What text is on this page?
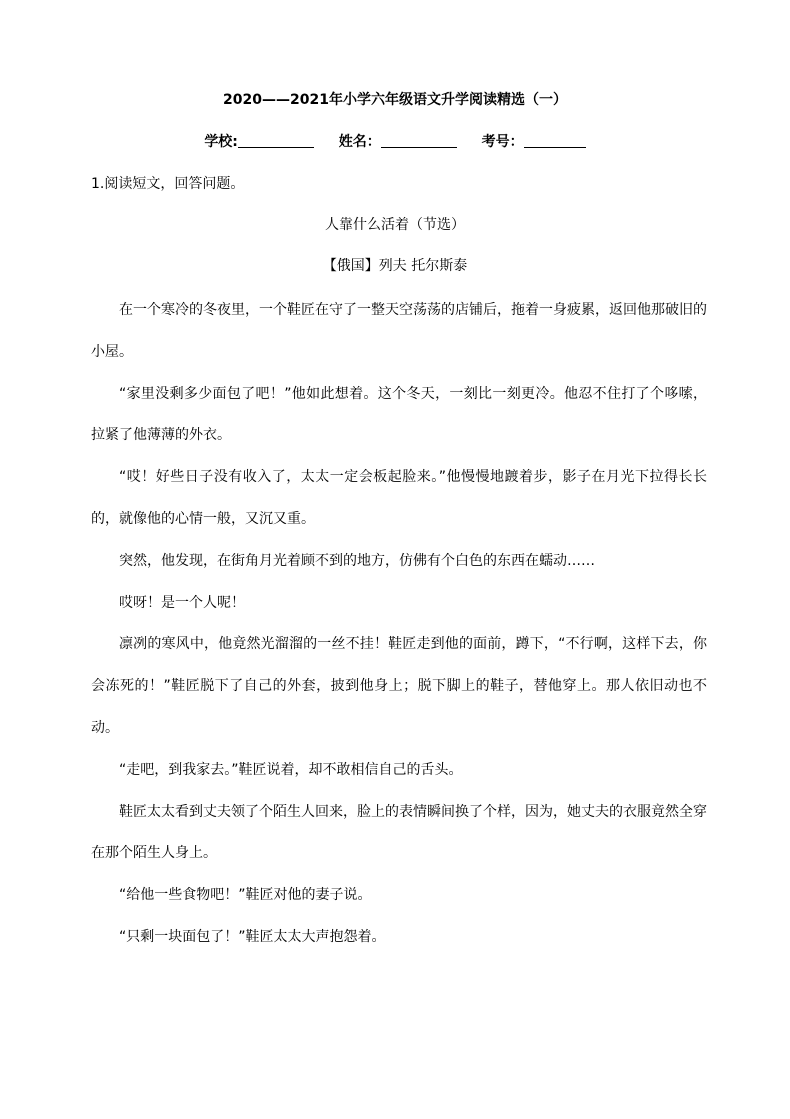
2020——2021年小学六年级语文升学阅读精选（一）
学校:	姓名：	考号：
1.阅读短文，回答问题。
人靠什么活着（节选）
【俄国】列夫 托尔斯泰

在一个寒冷的冬夜里，一个鞋匠在守了一整天空荡荡的店铺后，拖着一身疲累，返回他那破旧的小屋。

“家里没剩多少面包了吧！”他如此想着。这个冬天，一刻比一刻更冷。他忍不住打了个哆嗦，拉紧了他薄薄的外衣。

“哎！好些日子没有收入了，太太一定会板起脸来。”他慢慢地踱着步，影子在月光下拉得长长的，就像他的心情一般，又沉又重。

突然，他发现，在街角月光着顾不到的地方，仿佛有个白色的东西在蠕动……

哎呀！是一个人呢！

凛冽的寒风中，他竟然光溜溜的一丝不挂！鞋匠走到他的面前，蹲下，“不行啊，这样下去，你会冻死的！”鞋匠脱下了自己的外套，披到他身上；脱下脚上的鞋子，替他穿上。那人依旧动也不动。

“走吧，到我家去。”鞋匠说着，却不敢相信自己的舌头。

鞋匠太太看到丈夫领了个陌生人回来，脸上的表情瞬间换了个样，因为，她丈夫的衣服竟然全穿在那个陌生人身上。

“给他一些食物吧！”鞋匠对他的妻子说。

“只剩一块面包了！”鞋匠太太大声抱怨着。
